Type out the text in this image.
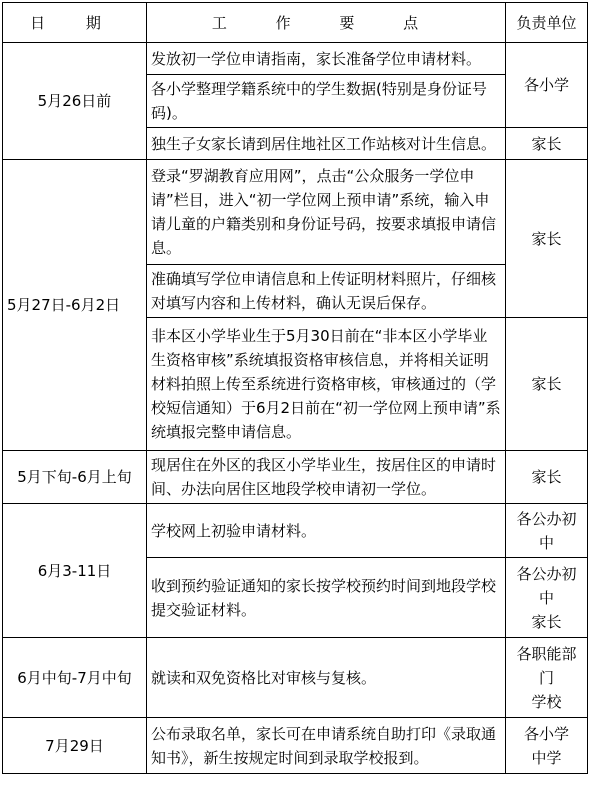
日 期	工 作 要 点	负责单位
5月26日前	发放初一学位申请指南，家长准备学位申请材料。	各小学
	各小学整理学籍系统中的学生数据(特别是身份证号码)。	
	独生子女家长请到居住地社区工作站核对计生信息。	家长
5月27日-6月2日	登录“罗湖教育应用网”，点击“公众服务一学位申请”栏目，进入“初一学位网上预申请”系统，输入申请儿童的户籍类别和身份证号码，按要求填报申请信息。	家长
	准确填写学位申请信息和上传证明材料照片，仔细核对填写内容和上传材料，确认无误后保存。	
	非本区小学毕业生于5月30日前在“非本区小学毕业生资格审核”系统填报资格审核信息，并将相关证明材料拍照上传至系统进行资格审核，审核通过的（学校短信通知）于6月2日前在“初一学位网上预申请”系统填报完整申请信息。	家长
5月下旬-6月上旬	现居住在外区的我区小学毕业生，按居住区的申请时间、办法向居住区地段学校申请初一学位。	家长
6月3-11日	学校网上初验申请材料。	各公办初中
	收到预约验证通知的家长按学校预约时间到地段学校提交验证材料。	各公办初中
家长
6月中旬-7月中旬	就读和双免资格比对审核与复核。	各职能部门
学校
7月29日	公布录取名单，家长可在申请系统自助打印《录取通知书》，新生按规定时间到录取学校报到。	各小学
中学
